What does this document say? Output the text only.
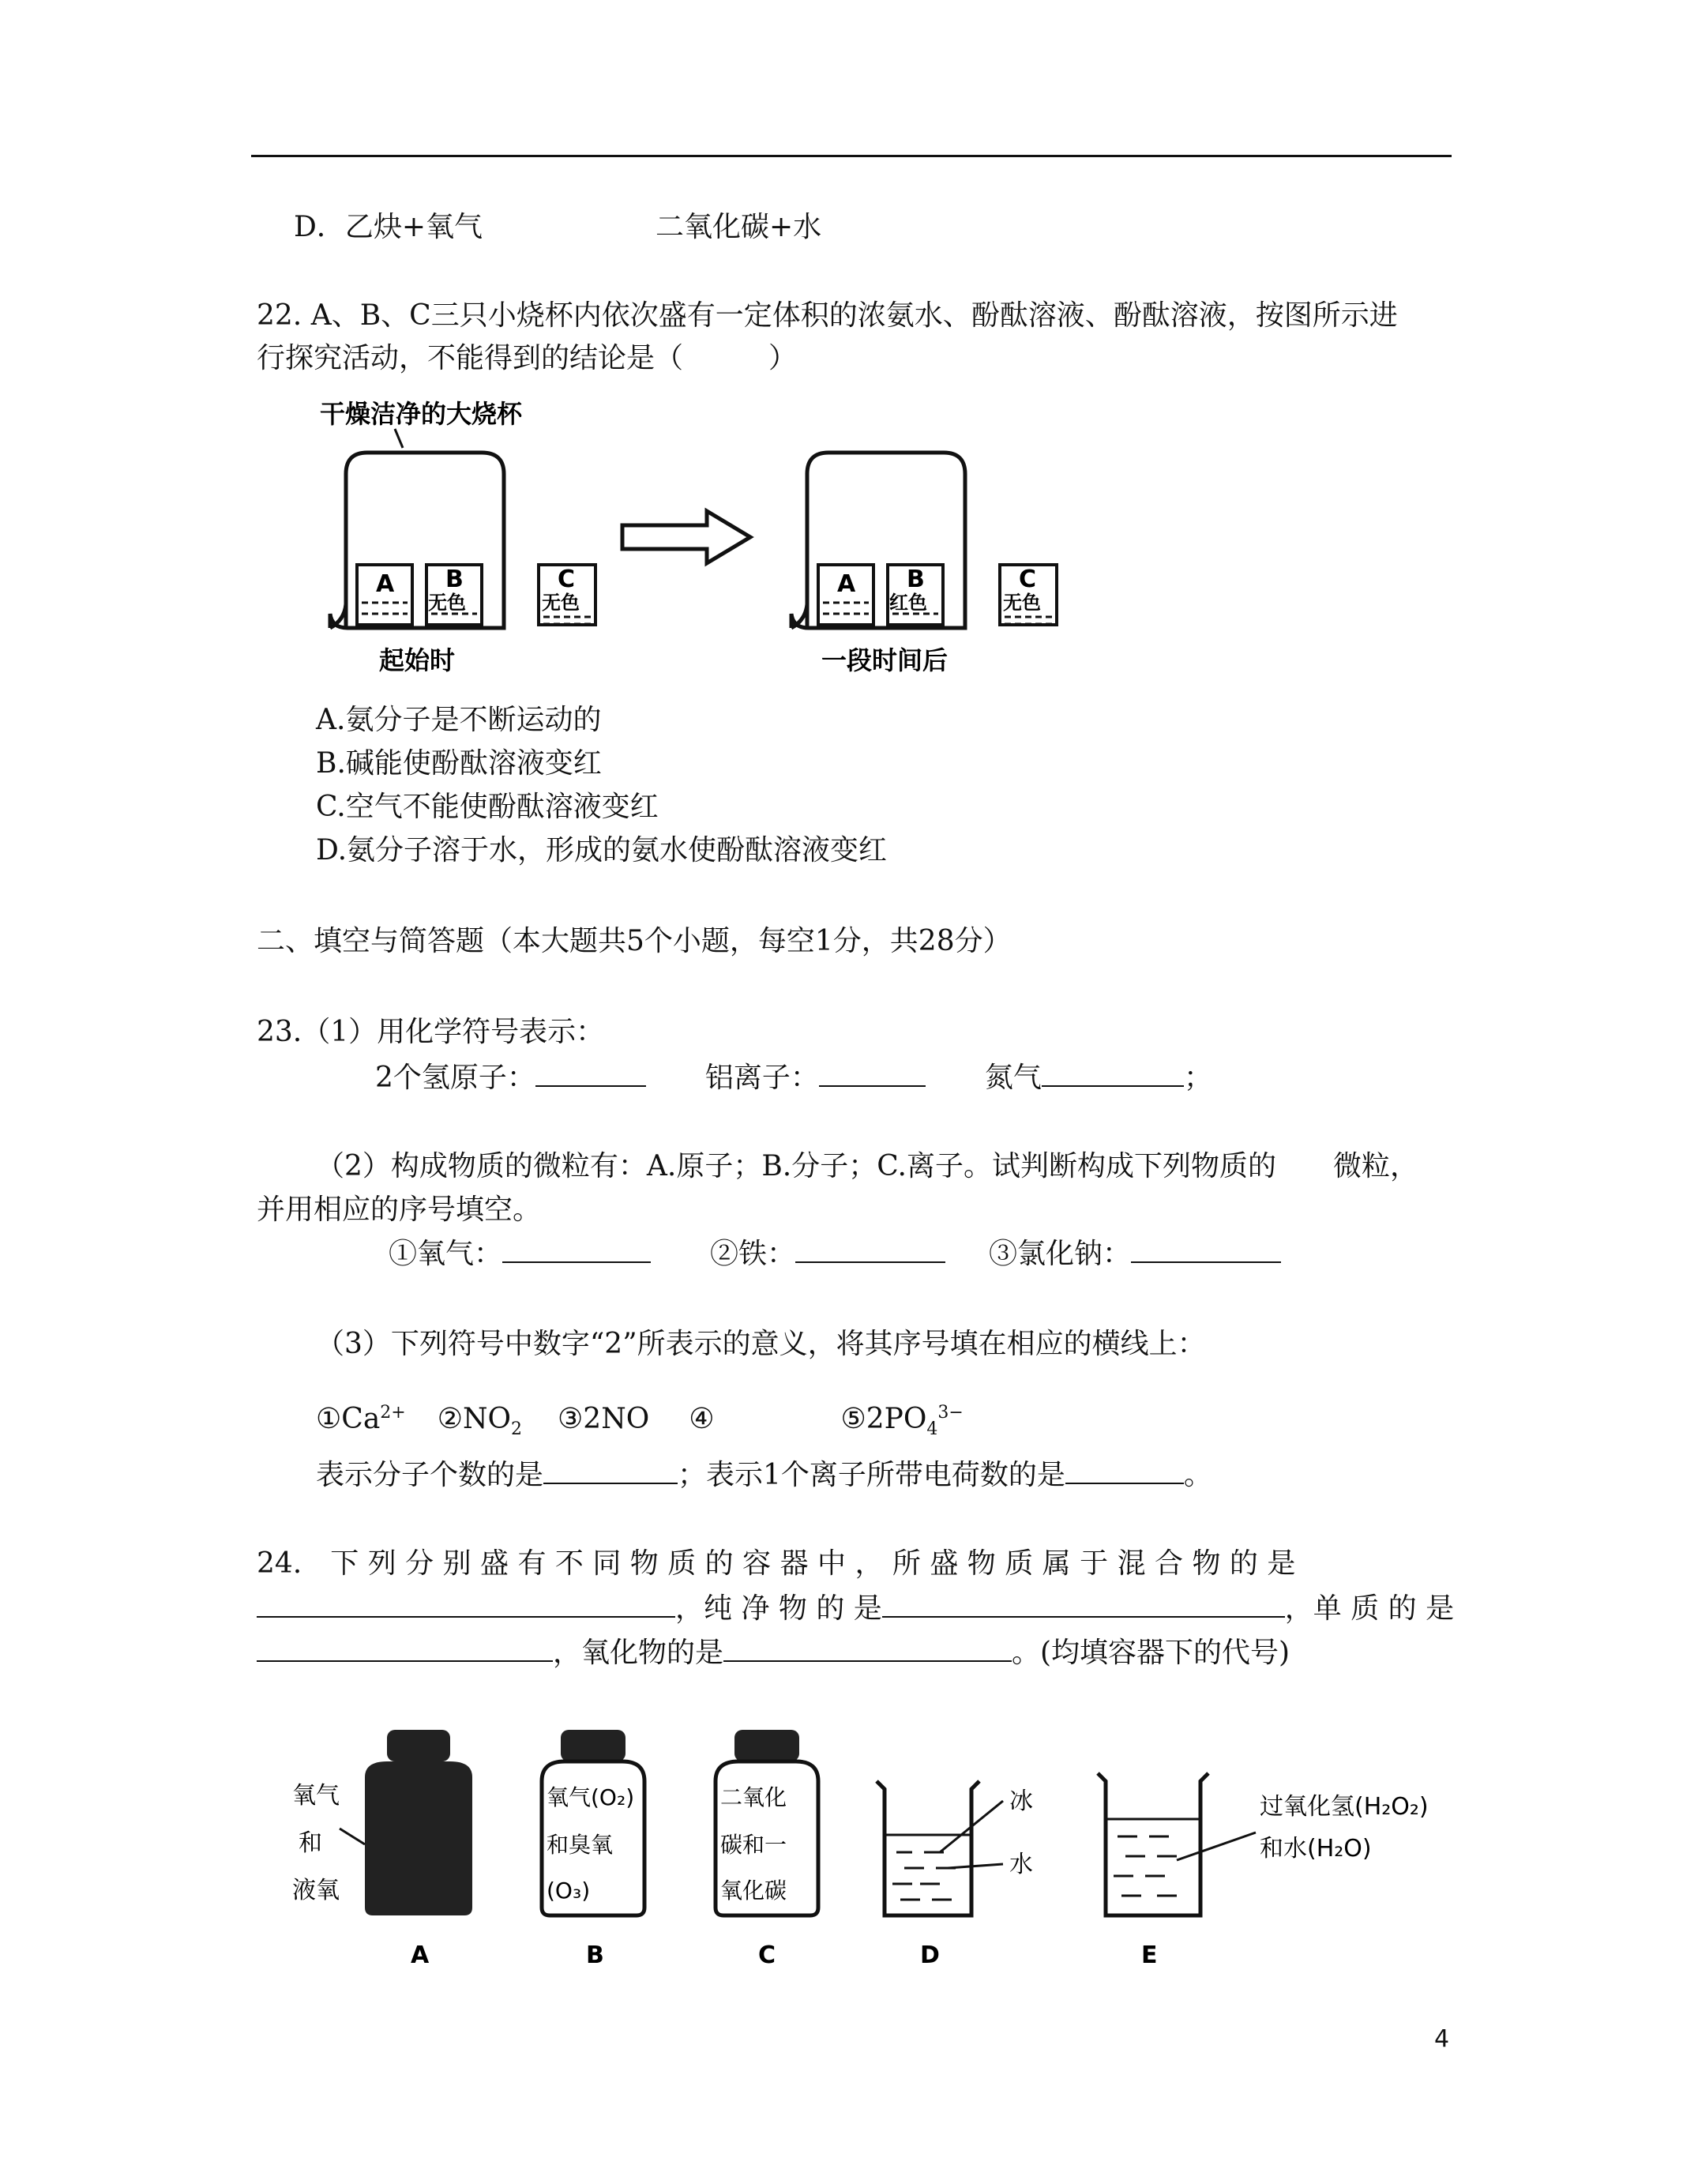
D．乙炔+氧气	二氧化碳+水
22. A、B、C三只小烧杯内依次盛有一定体积的浓氨水、酚酞溶液、酚酞溶液，按图所示进
行探究活动，不能得到的结论是（　　　）
干燥洁净的大烧杯
A B
无色
C
无色
起始时
A B
红色
C
无色
一段时间后
A.氨分子是不断运动的
B.碱能使酚酞溶液变红
C.空气不能使酚酞溶液变红
D.氨分子溶于水，形成的氨水使酚酞溶液变红
二、填空与简答题（本大题共5个小题，每空1分，共28分）
23.（1）用化学符号表示：
2个氢原子：	铝离子：	氮气	；
（2）构成物质的微粒有：A.原子；B.分子；C.离子。试判断构成下列物质的　　微粒，
并用相应的序号填空。
①氧气：	②铁：	③氯化钠：
（3）下列符号中数字“2”所表示的意义，将其序号填在相应的横线上：
$①Ca^{2+}$ $②NO_2$ ③2NO ④	$⑤2PO_4^{3-}$
表示分子个数的是	；表示1个离子所带电荷数的是	。
24.　下 列 分 别 盛 有 不 同 物 质 的 容 器 中 ， 所 盛 物 质 属 于 混 合 物 的 是
，纯 净 物 的 是	，单 质 的 是
，氧化物的是	。(均填容器下的代号)
氧气
和
液氧
A
氧气(O₂)
和臭氧
(O₃)
B
二氧化
碳和一
氧化碳
C
冰
水
D
过氧化氢(H₂O₂)
和水(H₂O)
E
4
